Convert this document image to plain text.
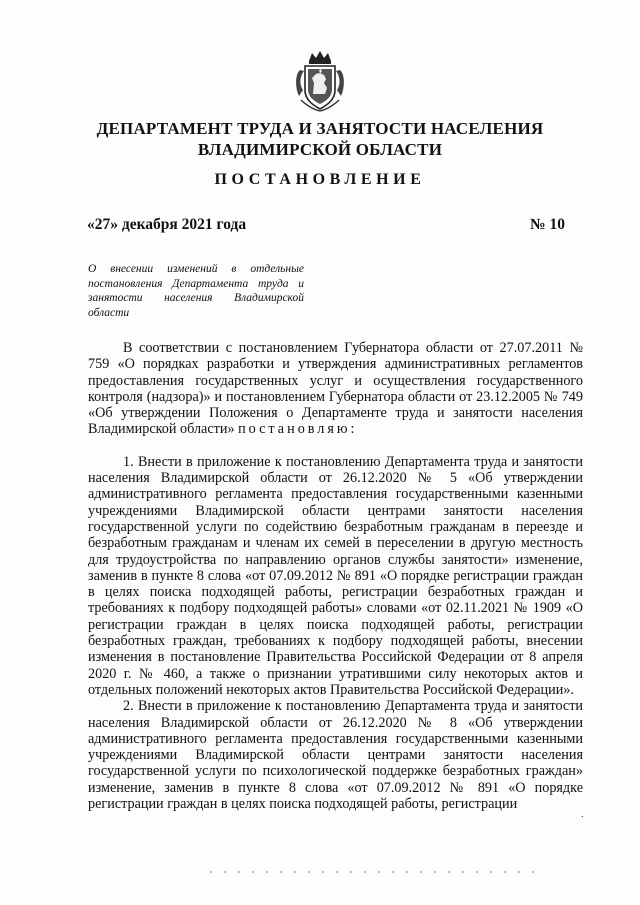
ДЕПАРТАМЕНТ ТРУДА И ЗАНЯТОСТИ НАСЕЛЕНИЯ
ВЛАДИМИРСКОЙ ОБЛАСТИ
ПОСТАНОВЛЕНИЕ
«27» декабря 2021 года	№ 10
О внесении изменений в отдельные постановления Департамента труда и занятости населения Владимирской области

В соответствии с постановлением Губернатора области от 27.07.2011 № 759 «О порядках разработки и утверждения административных регламентов предоставления государственных услуг и осуществления государственного контроля (надзора)» и постановлением Губернатора области от 23.12.2005 № 749 «Об утверждении Положения о Департаменте труда и занятости населения Владимирской области» постановляю:

1. Внести в приложение к постановлению Департамента труда и занятости населения Владимирской области от 26.12.2020 № 5 «Об утверждении административного регламента предоставления государственными казенными учреждениями Владимирской области центрами занятости населения государственной услуги по содействию безработным гражданам в переезде и безработным гражданам и членам их семей в переселении в другую местность для трудоустройства по направлению органов службы занятости» изменение, заменив в пункте 8 слова «от 07.09.2012 № 891 «О порядке регистрации граждан в целях поиска подходящей работы, регистрации безработных граждан и требованиях к подбору подходящей работы» словами «от 02.11.2021 № 1909 «О регистрации граждан в целях поиска подходящей работы, регистрации безработных граждан, требованиях к подбору подходящей работы, внесении изменения в постановление Правительства Российской Федерации от 8 апреля 2020 г. № 460, а также о признании утратившими силу некоторых актов и отдельных положений некоторых актов Правительства Российской Федерации».

2. Внести в приложение к постановлению Департамента труда и занятости населения Владимирской области от 26.12.2020 № 8 «Об утверждении административного регламента предоставления государственными казенными учреждениями Владимирской области центрами занятости населения государственной услуги по психологической поддержке безработных граждан» изменение, заменив в пункте 8 слова «от 07.09.2012 № 891 «О порядке регистрации граждан в целях поиска подходящей работы, регистрации

·
